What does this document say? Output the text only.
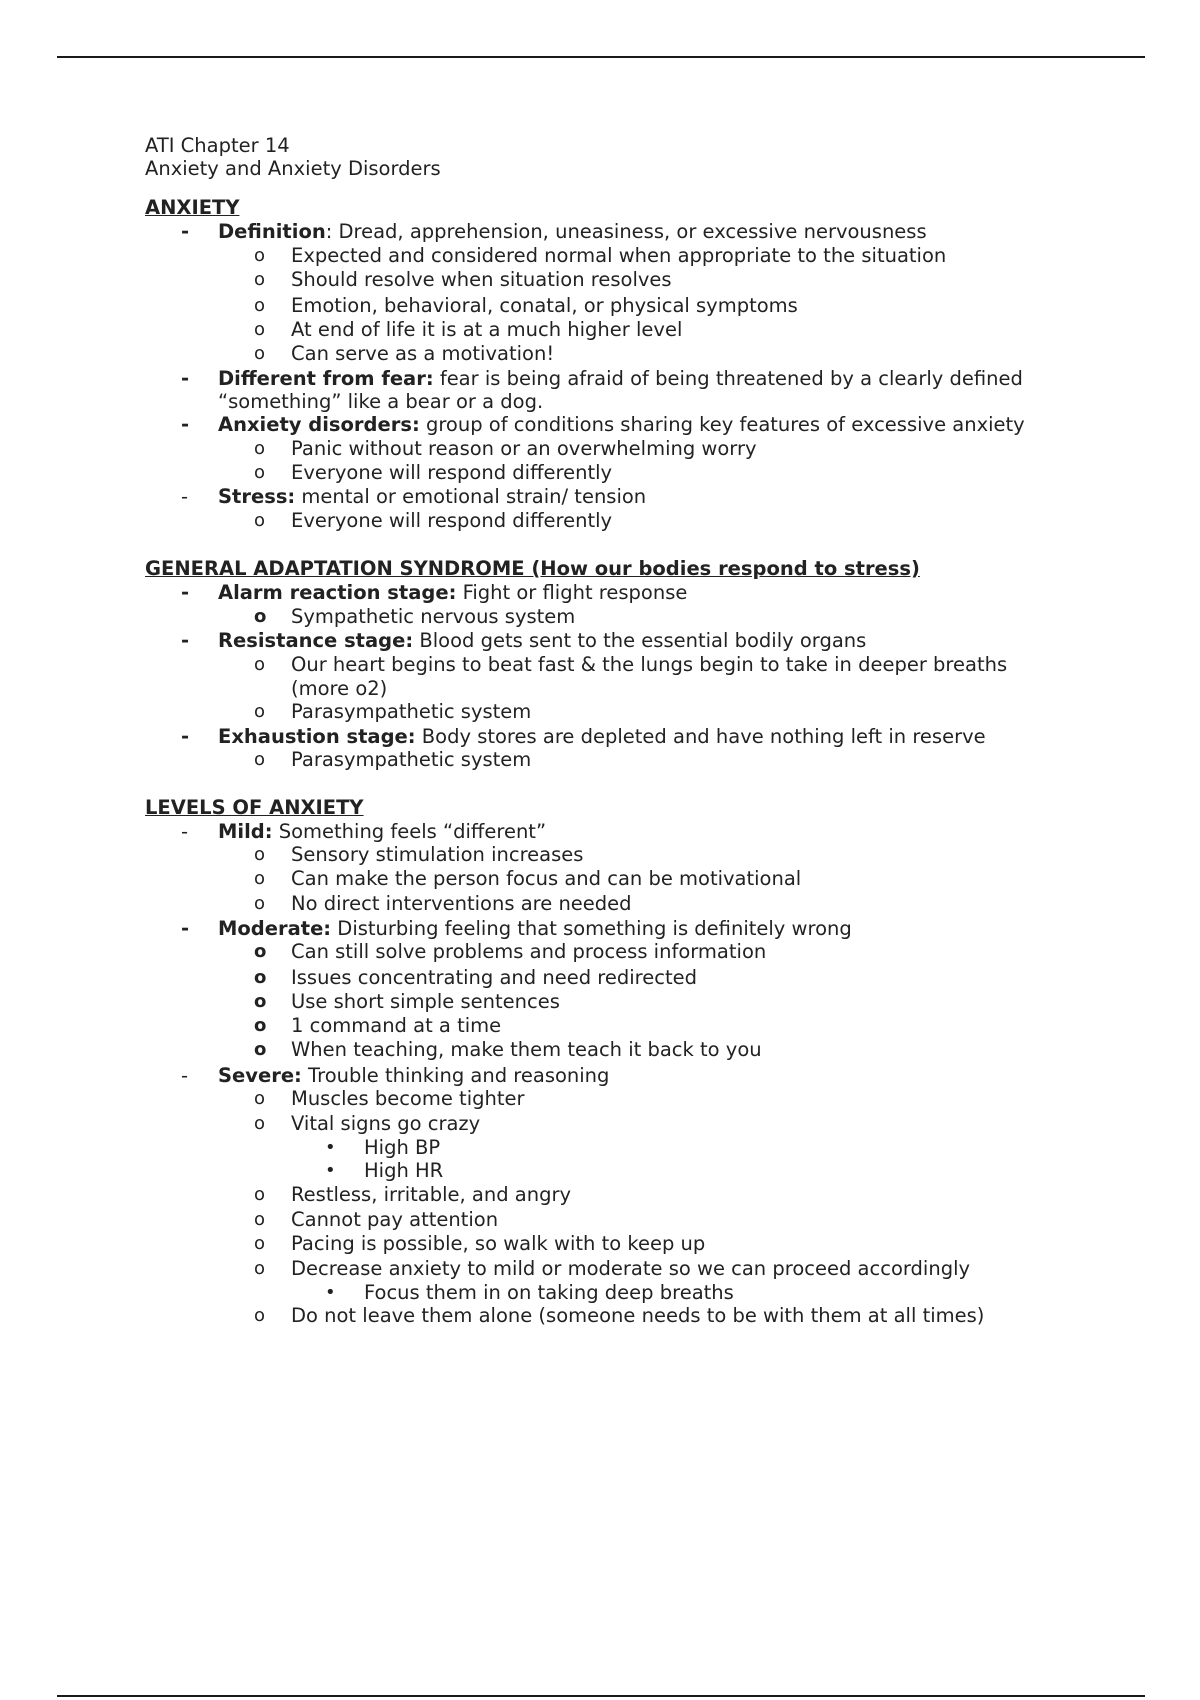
ATI Chapter 14
Anxiety and Anxiety Disorders
ANXIETY
- Definition: Dread, apprehension, uneasiness, or excessive nervousness
o Expected and considered normal when appropriate to the situation
o Should resolve when situation resolves
o Emotion, behavioral, conatal, or physical symptoms
o At end of life it is at a much higher level
o Can serve as a motivation!
- Different from fear: fear is being afraid of being threatened by a clearly defined
“something” like a bear or a dog.
- Anxiety disorders: group of conditions sharing key features of excessive anxiety
o Panic without reason or an overwhelming worry
o Everyone will respond differently
- Stress: mental or emotional strain/ tension
o Everyone will respond differently
GENERAL ADAPTATION SYNDROME (How our bodies respond to stress)
- Alarm reaction stage: Fight or flight response
o Sympathetic nervous system
- Resistance stage: Blood gets sent to the essential bodily organs
o Our heart begins to beat fast & the lungs begin to take in deeper breaths
(more o2)
o Parasympathetic system
- Exhaustion stage: Body stores are depleted and have nothing left in reserve
o Parasympathetic system
LEVELS OF ANXIETY
- Mild: Something feels “different”
o Sensory stimulation increases
o Can make the person focus and can be motivational
o No direct interventions are needed
- Moderate: Disturbing feeling that something is definitely wrong
o Can still solve problems and process information
o Issues concentrating and need redirected
o Use short simple sentences
o 1 command at a time
o When teaching, make them teach it back to you
- Severe: Trouble thinking and reasoning
o Muscles become tighter
o Vital signs go crazy
• High BP
• High HR
o Restless, irritable, and angry
o Cannot pay attention
o Pacing is possible, so walk with to keep up
o Decrease anxiety to mild or moderate so we can proceed accordingly
• Focus them in on taking deep breaths
o Do not leave them alone (someone needs to be with them at all times)
